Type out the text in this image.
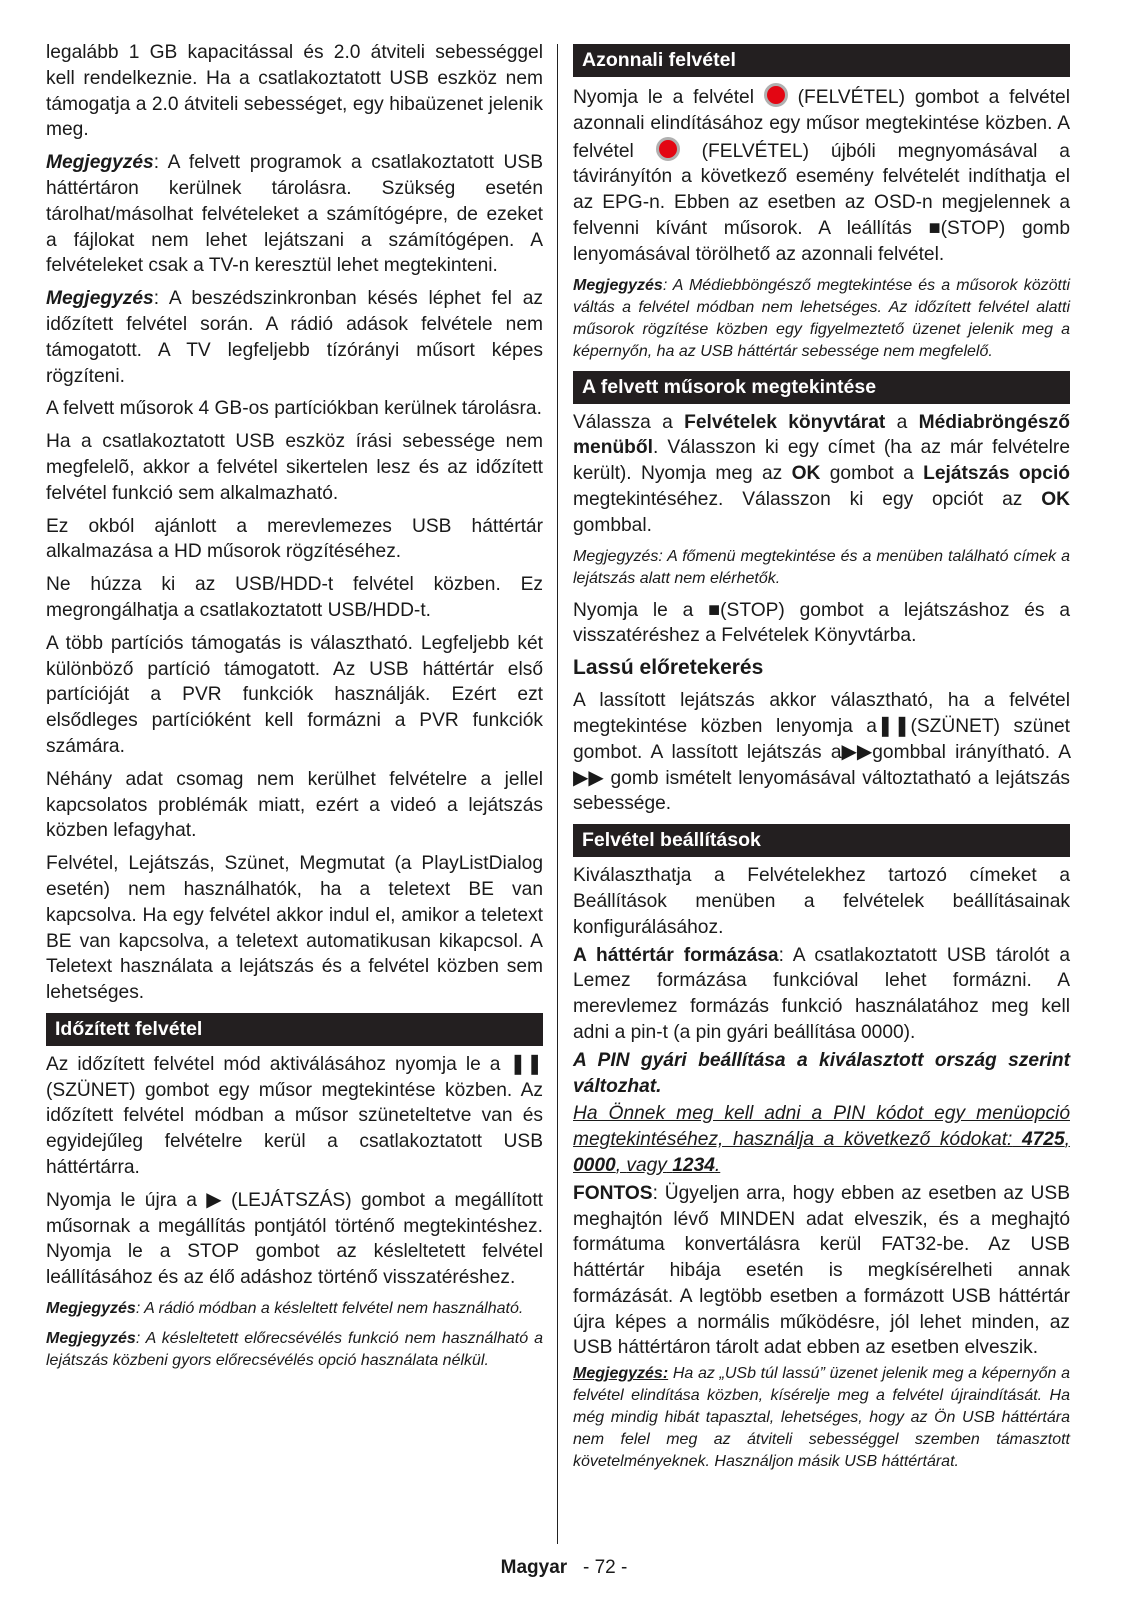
legalább 1 GB kapacitással és 2.0 átviteli sebességgel kell rendelkeznie. Ha a csatlakoztatott USB eszköz nem támogatja a 2.0 átviteli sebességet, egy hibaüzenet jelenik meg.

Megjegyzés: A felvett programok a csatlakoztatott USB háttértáron kerülnek tárolásra. Szükség esetén tárolhat/másolhat felvételeket a számítógépre, de ezeket a fájlokat nem lehet lejátszani a számítógépen. A felvételeket csak a TV-n keresztül lehet megtekinteni.

Megjegyzés: A beszédszinkronban késés léphet fel az időzített felvétel során. A rádió adások felvétele nem támogatott. A TV legfeljebb tízórányi műsort képes rögzíteni.

A felvett műsorok 4 GB-os partíciókban kerülnek tárolásra.

Ha a csatlakoztatott USB eszköz írási sebessége nem megfelelõ, akkor a felvétel sikertelen lesz és az időzített felvétel funkció sem alkalmazható.

Ez okból ajánlott a merevlemezes USB háttértár alkalmazása a HD műsorok rögzítéséhez.

Ne húzza ki az USB/HDD-t felvétel közben. Ez megrongálhatja a csatlakoztatott USB/HDD-t.

A több partíciós támogatás is választható. Legfeljebb két különböző partíció támogatott. Az USB háttértár első partícióját a PVR funkciók használják. Ezért ezt elsődleges partícióként kell formázni a PVR funkciók számára.

Néhány adat csomag nem kerülhet felvételre a jellel kapcsolatos problémák miatt, ezért a videó a lejátszás közben lefagyhat.

Felvétel, Lejátszás, Szünet, Megmutat (a PlayListDialog esetén) nem használhatók, ha a teletext BE van kapcsolva. Ha egy felvétel akkor indul el, amikor a teletext BE van kapcsolva, a teletext automatikusan kikapcsol. A Teletext használata a lejátszás és a felvétel közben sem lehetséges.

Időzített felvétel

Az időzített felvétel mód aktiválásához nyomja le a ❚❚ (SZÜNET) gombot egy műsor megtekintése közben. Az időzített felvétel módban a műsor szüneteltetve van és egyidejűleg felvételre kerül a csatlakoztatott USB háttértárra.

Nyomja le újra a ▶ (LEJÁTSZÁS) gombot a megállított műsornak a megállítás pontjától történő megtekintéshez. Nyomja le a STOP gombot az késleltetett felvétel leállításához és az élő adáshoz történő visszatéréshez.

Megjegyzés: A rádió módban a késleltett felvétel nem használható.

Megjegyzés: A késleltetett előrecsévélés funkció nem használható a lejátszás közbeni gyors előrecsévélés opció használata nélkül.

Azonnali felvétel

Nyomja le a felvétel (FELVÉTEL) gombot a felvétel azonnali elindításához egy műsor megtekintése közben. A felvétel	(FELVÉTEL) újbóli megnyomásával a távirányítón a következő esemény felvételét indíthatja el az EPG-n. Ebben az esetben az OSD-n megjelennek a felvenni kívánt műsorok. A leállítás ■(STOP) gomb lenyomásával törölhető az azonnali felvétel.

Megjegyzés: A Médiebböngésző megtekintése és a műsorok közötti váltás a felvétel módban nem lehetséges. Az időzített felvétel alatti műsorok rögzítése közben egy figyelmeztető üzenet jelenik meg a képernyőn, ha az USB háttértár sebessége nem megfelelő.

A felvett műsorok megtekintése

Válassza a Felvételek könyvtárat a Médiabröngésző menüből. Válasszon ki egy címet (ha az már felvételre került). Nyomja meg az OK gombot a Lejátszás opció megtekintéséhez. Válasszon ki egy opciót az OK gombbal.

Megjegyzés: A főmenü megtekintése és a menüben található címek a lejátszás alatt nem elérhetők.

Nyomja le a ■(STOP) gombot a lejátszáshoz és a visszatéréshez a Felvételek Könyvtárba.

Lassú előretekerés

A lassított lejátszás akkor választható, ha a felvétel megtekintése közben lenyomja a❚❚(SZÜNET) szünet gombot. A lassított lejátszás a▶▶gombbal irányítható. A ▶▶ gomb ismételt lenyomásával változtatható a lejátszás sebessége.

Felvétel beállítások

Kiválaszthatja a Felvételekhez tartozó címeket a Beállítások menüben a felvételek beállításainak konfigurálásához.

A háttértár formázása: A csatlakoztatott USB tárolót a Lemez formázása funkcióval lehet formázni. A merevlemez formázás funkció használatához meg kell adni a pin-t (a pin gyári beállítása 0000).

A PIN gyári beállítása a kiválasztott ország szerint változhat.

Ha Önnek meg kell adni a PIN kódot egy menüopció megtekintéséhez, használja a következő kódokat: 4725, 0000, vagy 1234.

FONTOS: Ügyeljen arra, hogy ebben az esetben az USB meghajtón lévő MINDEN adat elveszik, és a meghajtó formátuma konvertálásra kerül FAT32-be. Az USB háttértár hibája esetén is megkísérelheti annak formázását. A legtöbb esetben a formázott USB háttértár újra képes a normális működésre, jól lehet minden, az USB háttértáron tárolt adat ebben az esetben elveszik.

Megjegyzés: Ha az „USb túl lassú” üzenet jelenik meg a képernyőn a felvétel elindítása közben, kísérelje meg a felvétel újraindítását. Ha még mindig hibát tapasztal, lehetséges, hogy az Ön USB háttértára nem felel meg az átviteli sebességgel szemben támasztott követelményeknek. Használjon másik USB háttértárat.

Magyar - 72 -
